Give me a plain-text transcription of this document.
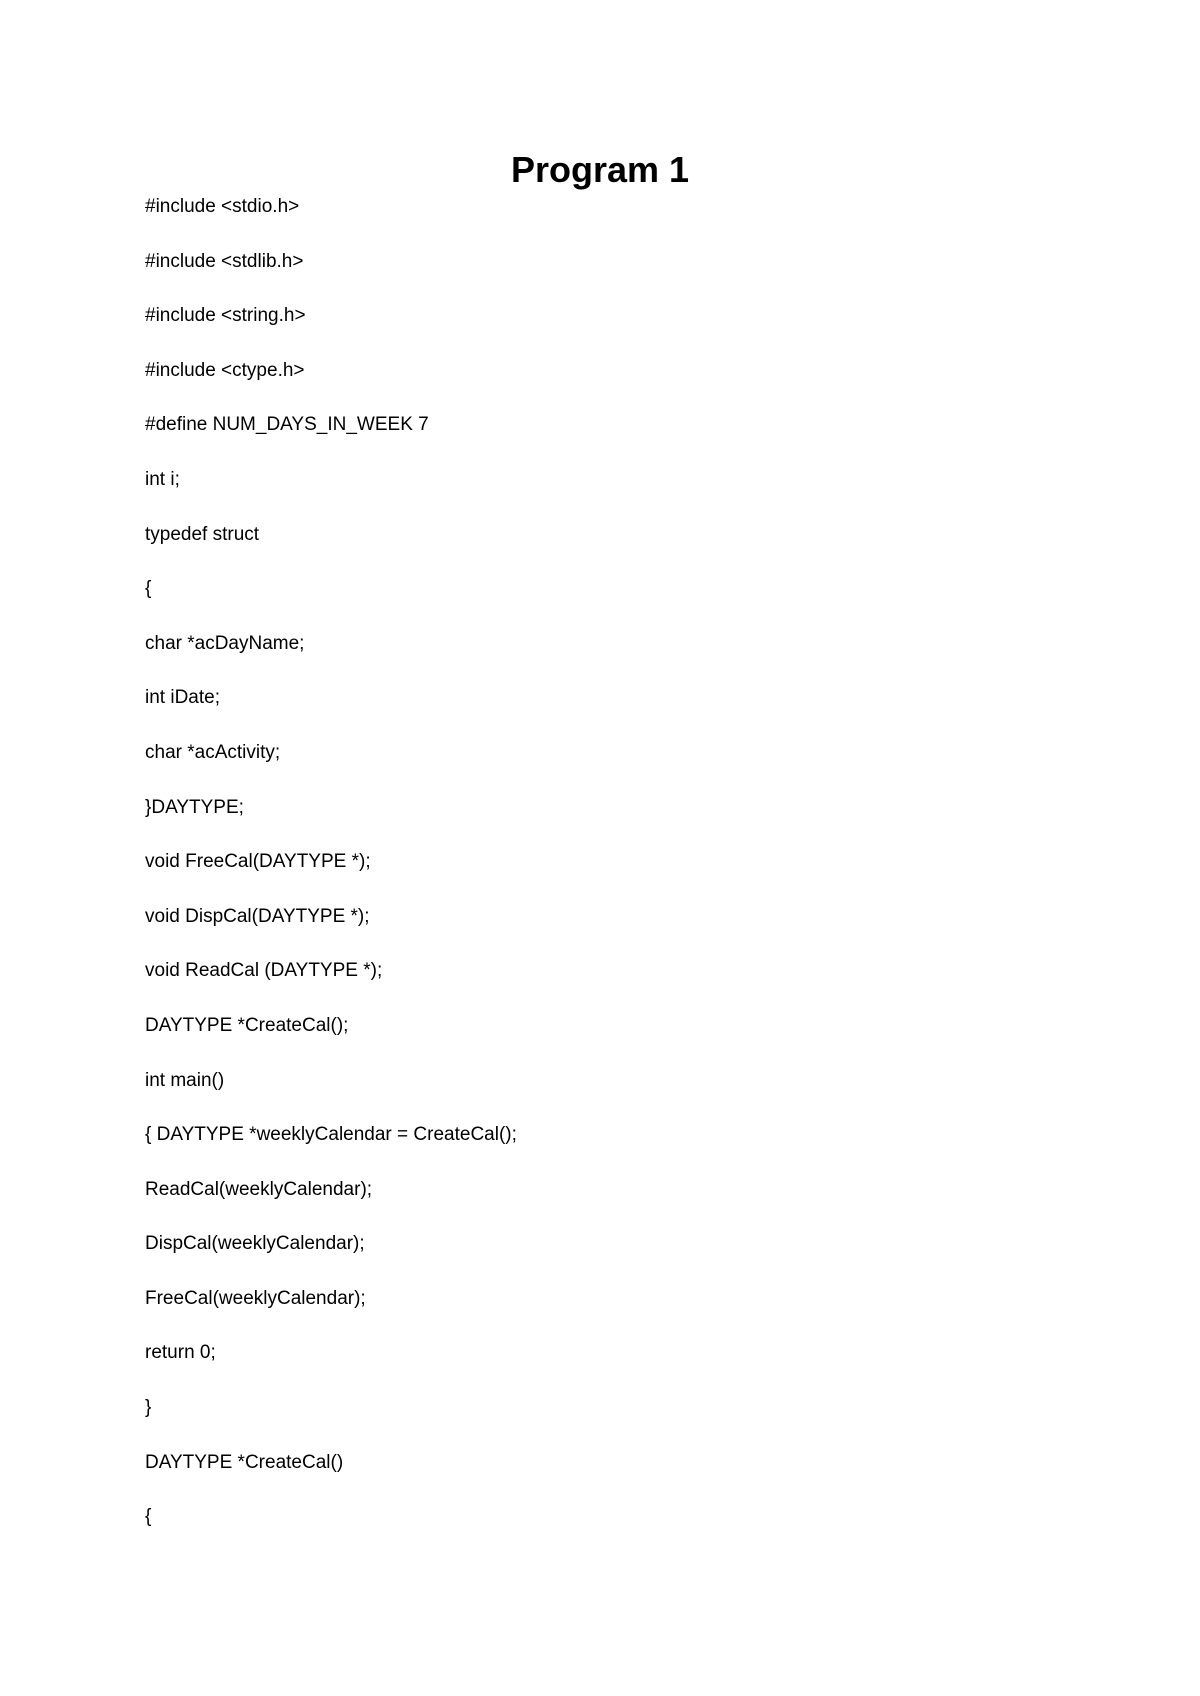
Program 1
#include <stdio.h>
#include <stdlib.h>
#include <string.h>
#include <ctype.h>
#define NUM_DAYS_IN_WEEK 7
int i;
typedef struct
{
char *acDayName;
int iDate;
char *acActivity;
}DAYTYPE;
void FreeCal(DAYTYPE *);
void DispCal(DAYTYPE *);
void ReadCal (DAYTYPE *);
DAYTYPE *CreateCal();
int main()
{ DAYTYPE *weeklyCalendar = CreateCal();
ReadCal(weeklyCalendar);
DispCal(weeklyCalendar);
FreeCal(weeklyCalendar);
return 0;
}
DAYTYPE *CreateCal()
{
